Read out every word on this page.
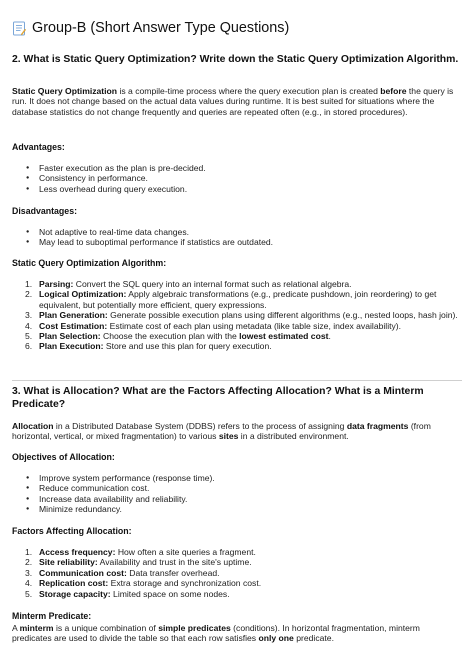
Group-B (Short Answer Type Questions)
2. What is Static Query Optimization? Write down the Static Query Optimization Algorithm.

Static Query Optimization is a compile-time process where the query execution plan is created before the query is run. It does not change based on the actual data values during runtime. It is best suited for situations where the database statistics do not change frequently and queries are repeated often (e.g., in stored procedures).

Advantages:
● Faster execution as the plan is pre-decided.
● Consistency in performance.
● Less overhead during query execution.
Disadvantages:
● Not adaptive to real-time data changes.
● May lead to suboptimal performance if statistics are outdated.
Static Query Optimization Algorithm:
1. Parsing: Convert the SQL query into an internal format such as relational algebra.
2. Logical Optimization: Apply algebraic transformations (e.g., predicate pushdown, join reordering) to get equivalent, but potentially more efficient, query expressions.
3. Plan Generation: Generate possible execution plans using different algorithms (e.g., nested loops, hash join).
4. Cost Estimation: Estimate cost of each plan using metadata (like table size, index availability).
5. Plan Selection: Choose the execution plan with the lowest estimated cost.
6. Plan Execution: Store and use this plan for query execution.
3. What is Allocation? What are the Factors Affecting Allocation? What is a Minterm Predicate?

Allocation in a Distributed Database System (DDBS) refers to the process of assigning data fragments (from horizontal, vertical, or mixed fragmentation) to various sites in a distributed environment.

Objectives of Allocation:
● Improve system performance (response time).
● Reduce communication cost.
● Increase data availability and reliability.
● Minimize redundancy.
Factors Affecting Allocation:
1. Access frequency: How often a site queries a fragment.
2. Site reliability: Availability and trust in the site's uptime.
3. Communication cost: Data transfer overhead.
4. Replication cost: Extra storage and synchronization cost.
5. Storage capacity: Limited space on some nodes.
Minterm Predicate:

A minterm is a unique combination of simple predicates (conditions). In horizontal fragmentation, minterm predicates are used to divide the table so that each row satisfies only one predicate.
